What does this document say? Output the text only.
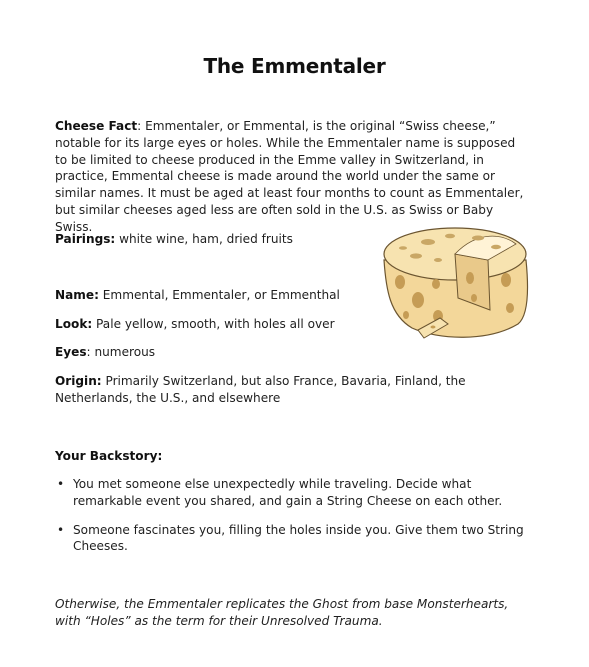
The Emmentaler
Cheese Fact: Emmentaler, or Emmental, is the original “Swiss cheese,” notable for its large eyes or holes. While the Emmentaler name is supposed to be limited to cheese produced in the Emme valley in Switzerland, in practice, Emmental cheese is made around the world under the same or similar names. It must be aged at least four months to count as Emmentaler, but similar cheeses aged less are often sold in the U.S. as Swiss or Baby Swiss.
Pairings: white wine, ham, dried fruits
Name: Emmental, Emmentaler, or Emmenthal
Look: Pale yellow, smooth, with holes all over
Eyes: numerous
Origin: Primarily Switzerland, but also France, Bavaria, Finland, the Netherlands, the U.S., and elsewhere
Your Backstory:
• You met someone else unexpectedly while traveling. Decide what remarkable event you shared, and gain a String Cheese on each other.
• Someone fascinates you, filling the holes inside you. Give them two String Cheeses.
Otherwise, the Emmentaler replicates the Ghost from base Monsterhearts, with “Holes” as the term for their Unresolved Trauma.
